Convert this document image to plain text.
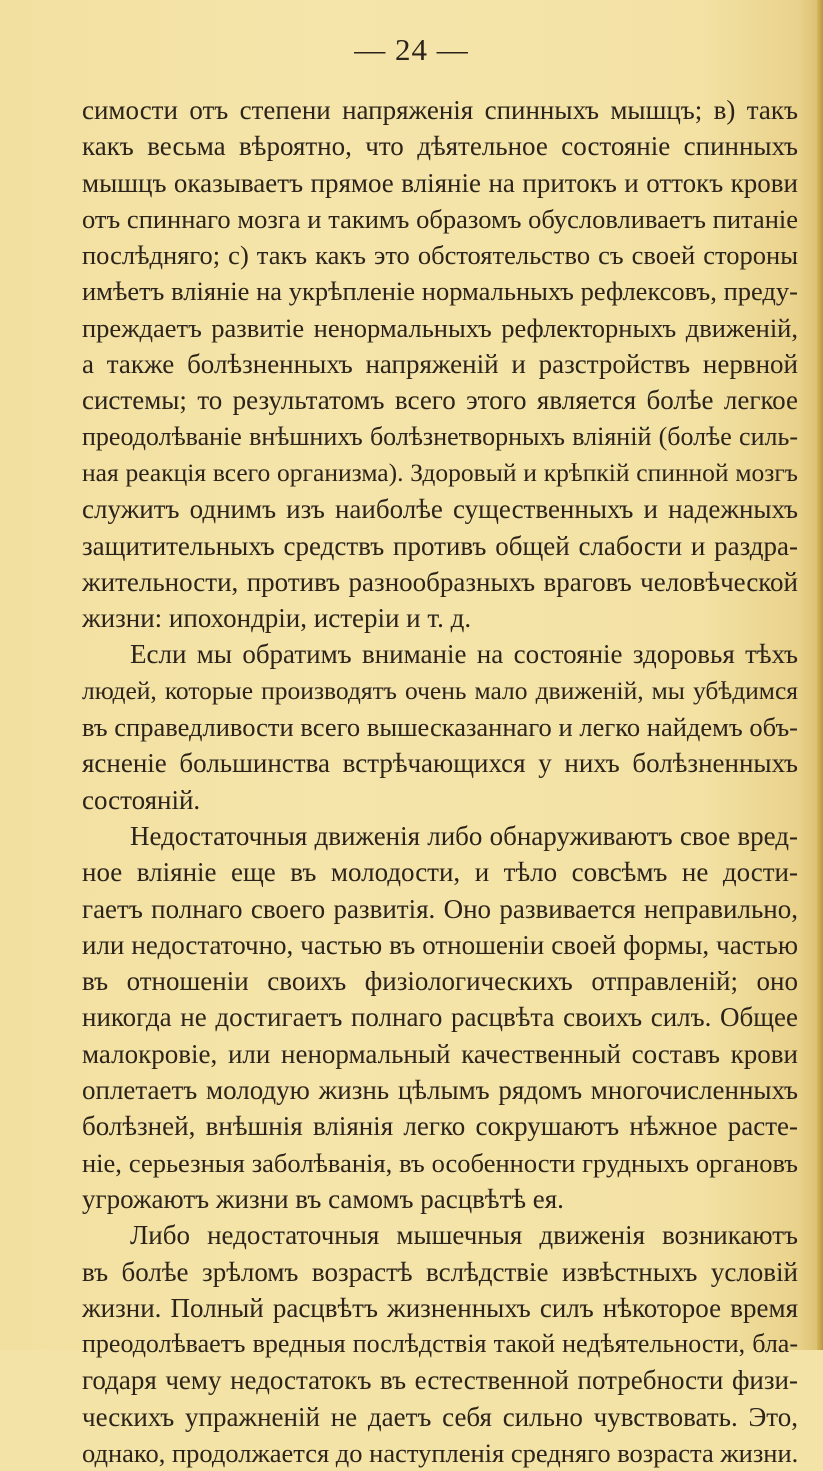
— 24 —
симости отъ степени напряженія спинныхъ мышцъ; в) такъ
какъ весьма вѣроятно, что дѣятельное состояніе спинныхъ
мышцъ оказываетъ прямое вліяніе на притокъ и оттокъ крови
отъ спиннаго мозга и такимъ образомъ обусловливаетъ питаніе
послѣдняго; с) такъ какъ это обстоятельство съ своей стороны
имѣетъ вліяніе на укрѣпленіе нормальныхъ рефлексовъ, преду-
преждаетъ развитіе ненормальныхъ рефлекторныхъ движеній,
а также болѣзненныхъ напряженій и разстройствъ нервной
системы; то результатомъ всего этого является болѣе легкое
преодолѣваніе внѣшнихъ болѣзнетворныхъ вліяній (болѣе силь-
ная реакція всего организма). Здоровый и крѣпкій спинной мозгъ
служитъ однимъ изъ наиболѣе существенныхъ и надежныхъ
защитительныхъ средствъ противъ общей слабости и раздра-
жительности, противъ разнообразныхъ враговъ человѣческой
жизни: ипохондріи, истеріи и т. д.
Если мы обратимъ вниманіе на состояніе здоровья тѣхъ
людей, которые производятъ очень мало движеній, мы убѣдимся
въ справедливости всего вышесказаннаго и легко найдемъ объ-
ясненіе большинства встрѣчающихся у нихъ болѣзненныхъ
состояній.
Недостаточныя движенія либо обнаруживаютъ свое вред-
ное вліяніе еще въ молодости, и тѣло совсѣмъ не дости-
гаетъ полнаго своего развитія. Оно развивается неправильно,
или недостаточно, частью въ отношеніи своей формы, частью
въ отношеніи своихъ физіологическихъ отправленій; оно
никогда не достигаетъ полнаго расцвѣта своихъ силъ. Общее
малокровіе, или ненормальный качественный составъ крови
оплетаетъ молодую жизнь цѣлымъ рядомъ многочисленныхъ
болѣзней, внѣшнія вліянія легко сокрушаютъ нѣжное расте-
ніе, серьезныя заболѣванія, въ особенности грудныхъ органовъ
угрожаютъ жизни въ самомъ расцвѣтѣ ея.
Либо недостаточныя мышечныя движенія возникаютъ
въ болѣе зрѣломъ возрастѣ вслѣдствіе извѣстныхъ условій
жизни. Полный расцвѣтъ жизненныхъ силъ нѣкоторое время
преодолѣваетъ вредныя послѣдствія такой недѣятельности, бла-
годаря чему недостатокъ въ естественной потребности физи-
ческихъ упражненій не даетъ себя сильно чувствовать. Это,
однако, продолжается до наступленія средняго возраста жизни.
